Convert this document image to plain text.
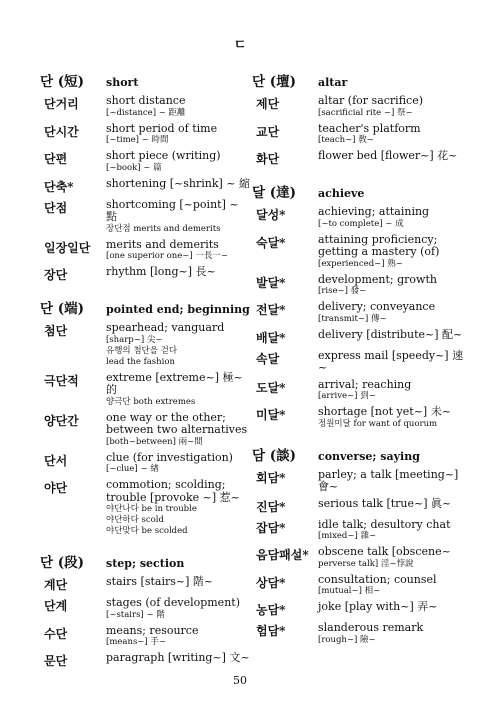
ㄷ
단 (短)	short
단거리	short distance
[~distance] ~ 距離
단시간	short period of time
[~time] ~ 時間
단편	short piece (writing)
[~book] ~ 篇
단축*	shortening [~shrink] ~ 縮
단점	shortcoming [~point] ~ 點
장단점 merits and demerits
일장일단	merits and demerits
[one superior one~] 一長一~
장단	rhythm [long~] 長~
단 (端)	pointed end; beginning
첨단	spearhead; vanguard
[sharp~] 尖~
유행의 첨단을 걷다
lead the fashion
극단적	extreme [extreme~] 極~的
양극단 both extremes
양단간	one way or the other;
between two alternatives
[both~between] 兩~間
단서	clue (for investigation)
[~clue] ~ 緖
야단	commotion; scolding;
trouble [provoke ~] 惹~
야단나다 be in trouble
야단하다 scold
야단맞다 be scolded
단 (段)	step; section
계단	stairs [stairs~] 階~
단계	stages (of development)
[~stairs] ~ 階
수단	means; resource
[means~] 手~
문단	paragraph [writing~] 文~
단 (壇)	altar
제단	altar (for sacrifice)
[sacrificial rite ~] 祭~
교단	teacher's platform
[teach~] 敎~
화단	flower bed [flower~] 花~
달 (達)	achieve
달성*	achieving; attaining
[~to complete] ~ 成
숙달*	attaining proficiency;
getting a mastery (of)
[experienced~] 熟~
발달*	development; growth
[rise~] 發~
전달*	delivery; conveyance
[transmit~] 傳~
배달*	delivery [distribute~] 配~
속달	express mail [speedy~] 速~
도달*	arrival; reaching
[arrive~] 到~
미달*	shortage [not yet~] 未~
정원미달 for want of quorum
담 (談)	converse; saying
회담*	parley; a talk [meeting~] 會~
진담*	serious talk [true~] 眞~
잡담*	idle talk; desultory chat
[mixed~] 雜~
음담패설* obscene talk [obscene~
perverse talk] 淫~悖說
상담*	consultation; counsel
[mutual~] 相~
농담*	joke [play with~] 弄~
험담*	slanderous remark
[rough~] 險~
50
